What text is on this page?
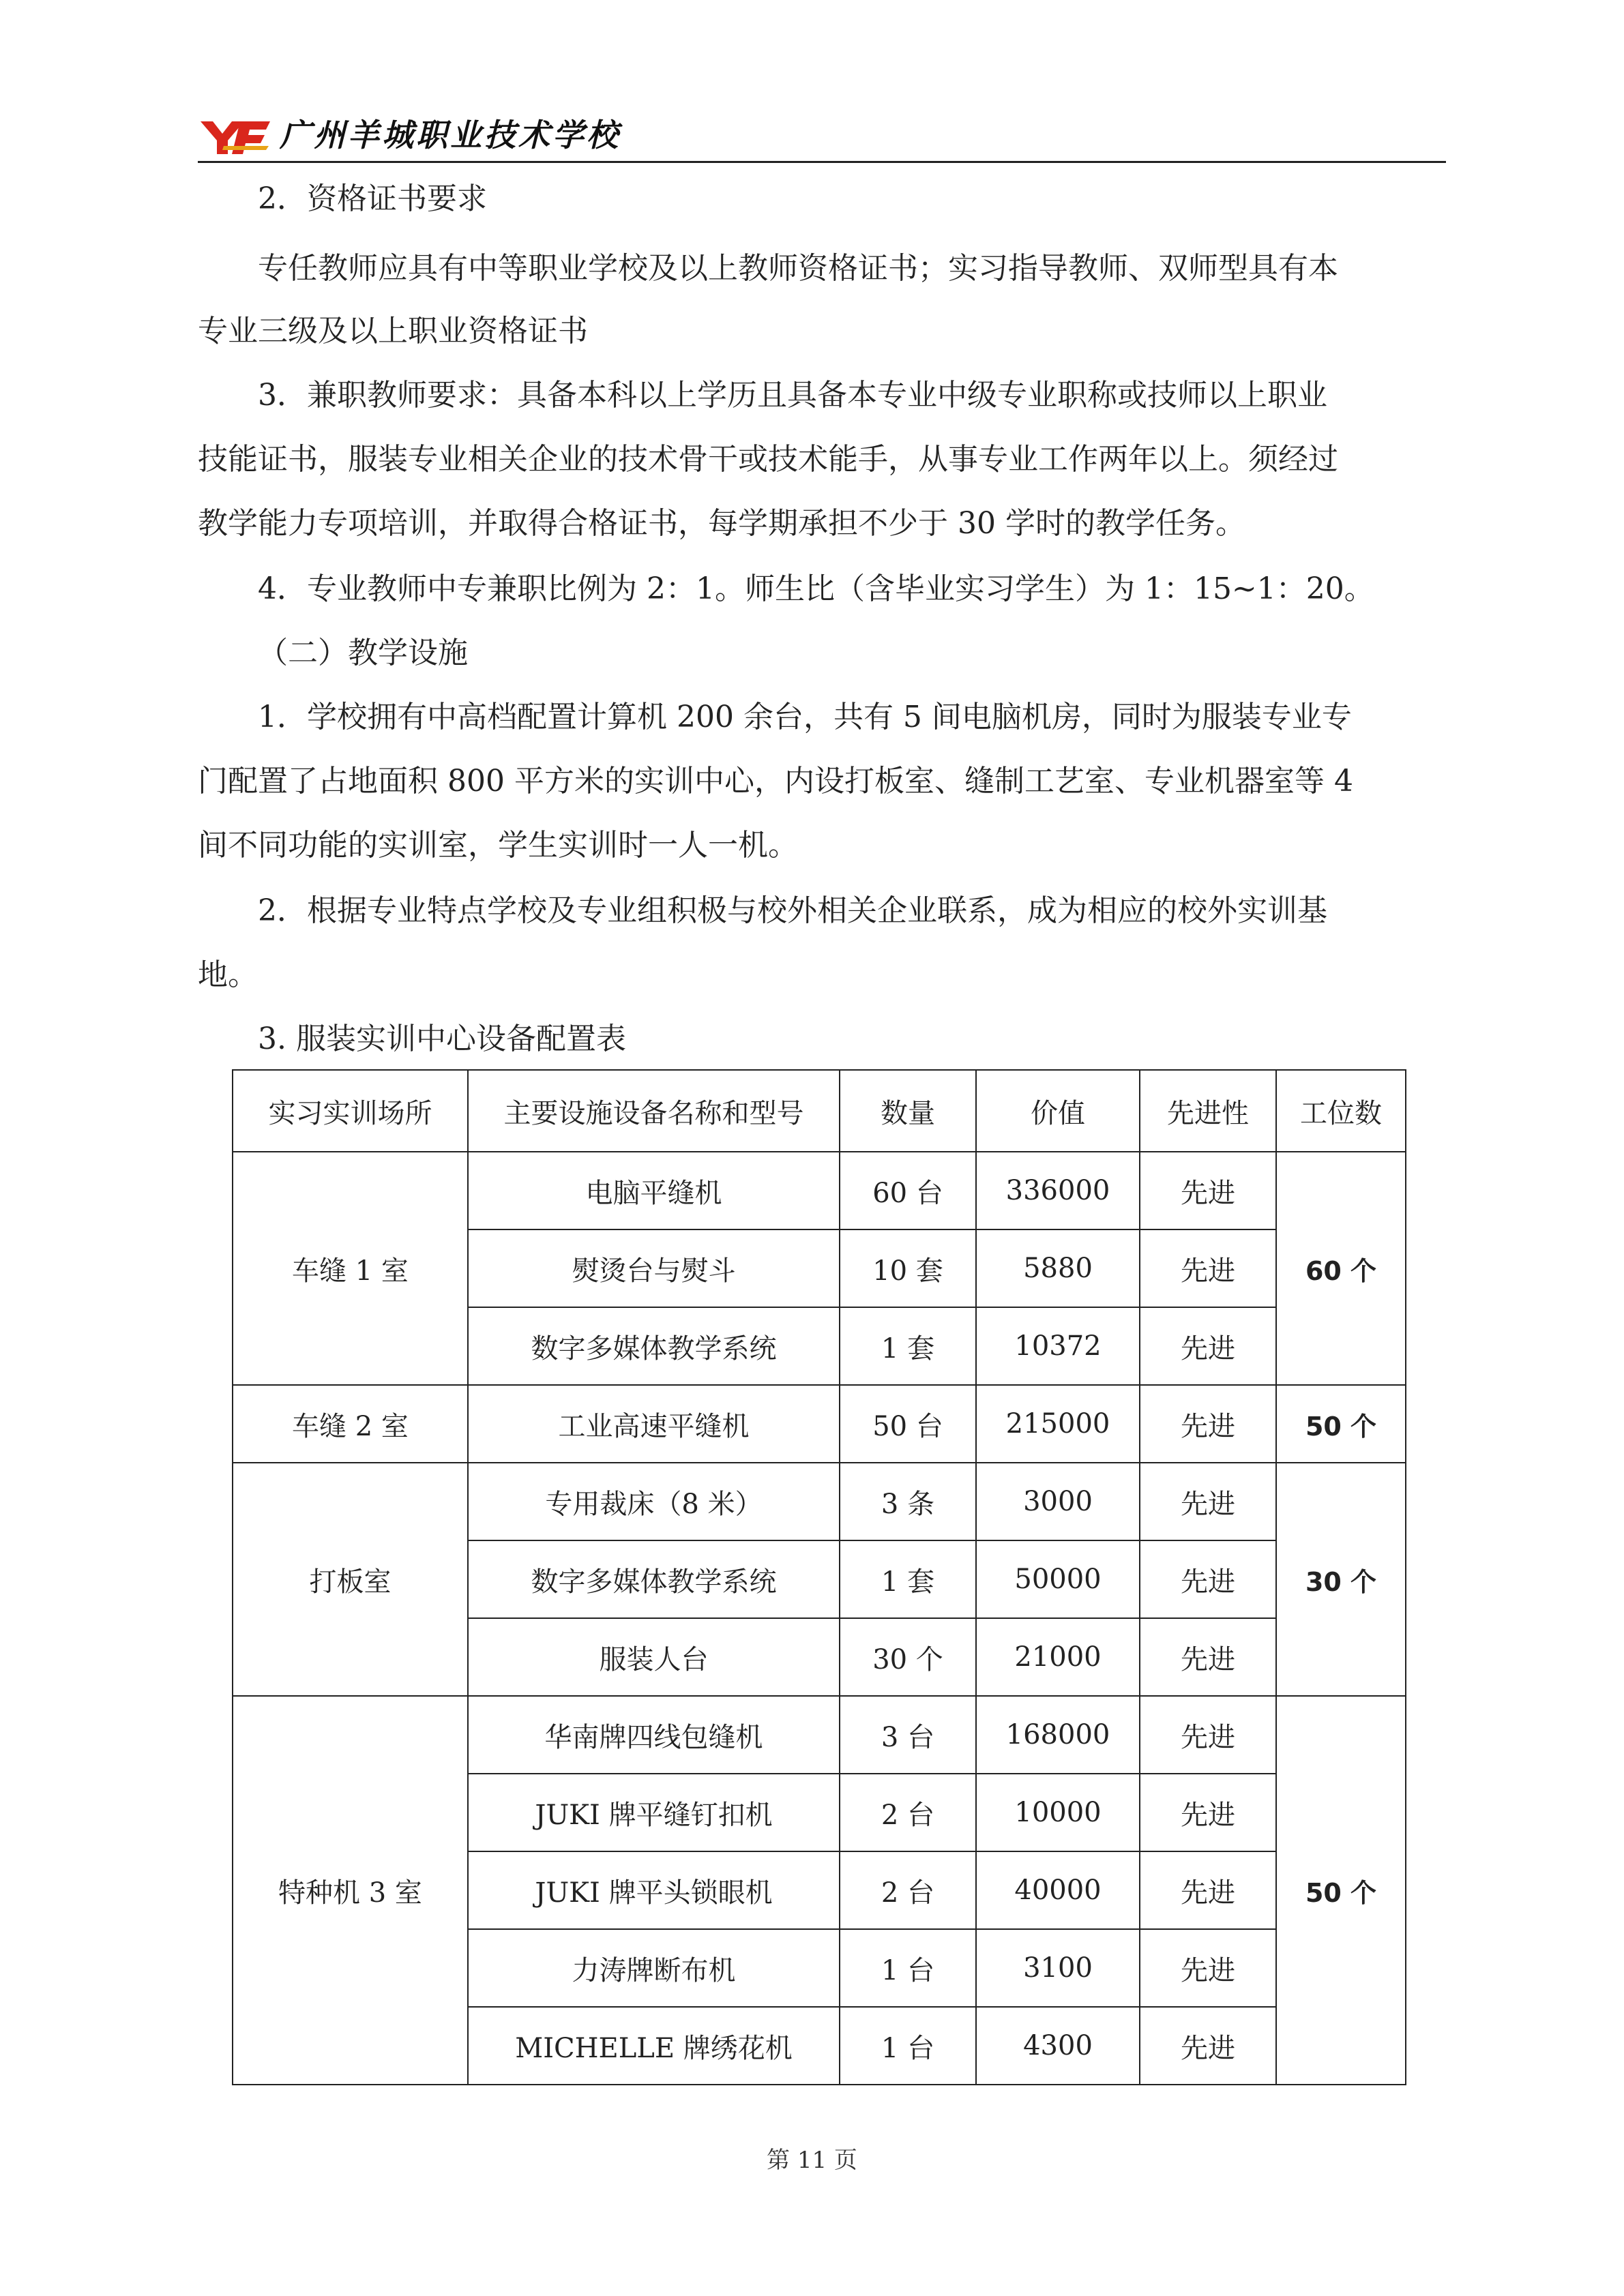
广州羊城职业技术学校
2．资格证书要求
专任教师应具有中等职业学校及以上教师资格证书；实习指导教师、双师型具有本
专业三级及以上职业资格证书
3．兼职教师要求：具备本科以上学历且具备本专业中级专业职称或技师以上职业
技能证书，服装专业相关企业的技术骨干或技术能手，从事专业工作两年以上。须经过
教学能力专项培训，并取得合格证书，每学期承担不少于 30 学时的教学任务。
4．专业教师中专兼职比例为 2：1。师生比（含毕业实习学生）为 1：15~1：20。
（二）教学设施
1．学校拥有中高档配置计算机 200 余台，共有 5 间电脑机房，同时为服装专业专
门配置了占地面积 800 平方米的实训中心，内设打板室、缝制工艺室、专业机器室等 4
间不同功能的实训室，学生实训时一人一机。
2．根据专业特点学校及专业组积极与校外相关企业联系，成为相应的校外实训基
地。
3. 服装实训中心设备配置表
实习实训场所	主要设施设备名称和型号	数量	价值	先进性	工位数
车缝 1 室	电脑平缝机	60 台	336000	先进	60 个
	熨烫台与熨斗	10 套	5880	先进	
	数字多媒体教学系统	1 套	10372	先进	
车缝 2 室	工业高速平缝机	50 台	215000	先进	50 个
打板室	专用裁床（8 米）	3 条	3000	先进	30 个
	数字多媒体教学系统	1 套	50000	先进	
	服装人台	30 个	21000	先进	
特种机 3 室	华南牌四线包缝机	3 台	168000	先进	50 个
	JUKI 牌平缝钉扣机	2 台	10000	先进	
	JUKI 牌平头锁眼机	2 台	40000	先进	
	力涛牌断布机	1 台	3100	先进	
	MICHELLE 牌绣花机	1 台	4300	先进	
第 11 页
